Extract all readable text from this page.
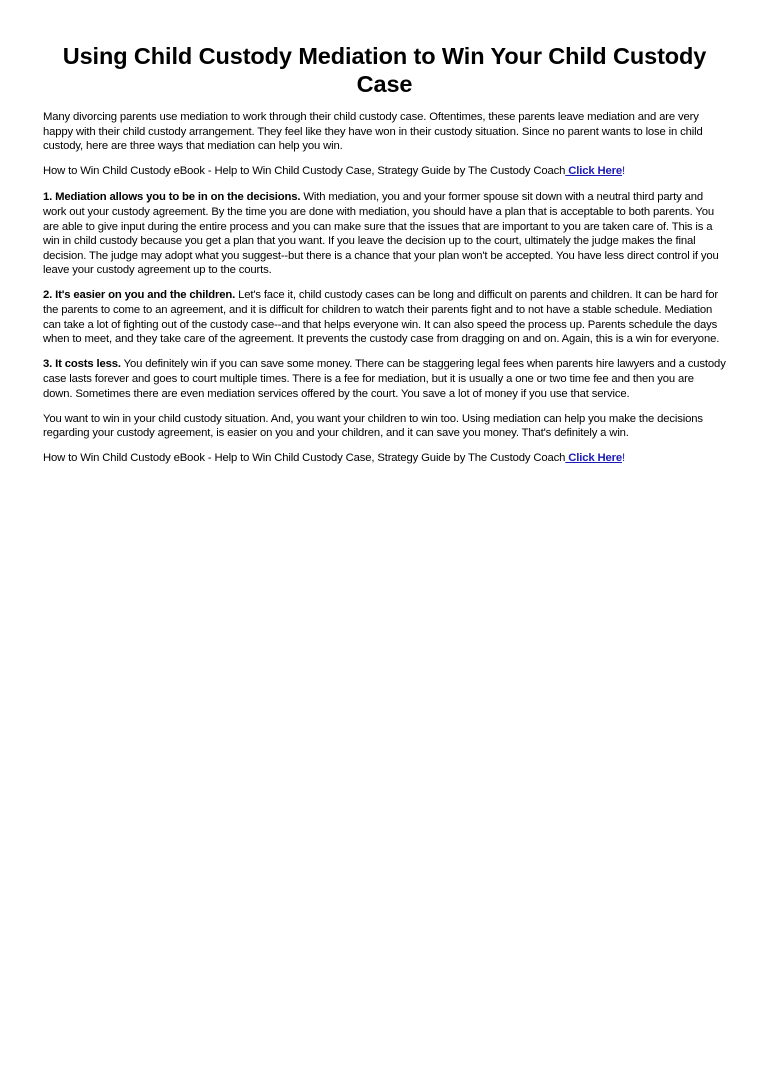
Using Child Custody Mediation to Win Your Child Custody Case

Many divorcing parents use mediation to work through their child custody case. Oftentimes, these parents leave mediation and are very happy with their child custody arrangement. They feel like they have won in their custody situation. Since no parent wants to lose in child custody, here are three ways that mediation can help you win.

How to Win Child Custody eBook - Help to Win Child Custody Case, Strategy Guide by The Custody Coach Click Here!

1. Mediation allows you to be in on the decisions. With mediation, you and your former spouse sit down with a neutral third party and work out your custody agreement. By the time you are done with mediation, you should have a plan that is acceptable to both parents. You are able to give input during the entire process and you can make sure that the issues that are important to you are taken care of. This is a win in child custody because you get a plan that you want. If you leave the decision up to the court, ultimately the judge makes the final decision. The judge may adopt what you suggest--but there is a chance that your plan won't be accepted. You have less direct control if you leave your custody agreement up to the courts.

2. It's easier on you and the children. Let's face it, child custody cases can be long and difficult on parents and children. It can be hard for the parents to come to an agreement, and it is difficult for children to watch their parents fight and to not have a stable schedule. Mediation can take a lot of fighting out of the custody case--and that helps everyone win. It can also speed the process up. Parents schedule the days when to meet, and they take care of the agreement. It prevents the custody case from dragging on and on. Again, this is a win for everyone.

3. It costs less. You definitely win if you can save some money. There can be staggering legal fees when parents hire lawyers and a custody case lasts forever and goes to court multiple times. There is a fee for mediation, but it is usually a one or two time fee and then you are down. Sometimes there are even mediation services offered by the court. You save a lot of money if you use that service.

You want to win in your child custody situation. And, you want your children to win too. Using mediation can help you make the decisions regarding your custody agreement, is easier on you and your children, and it can save you money. That's definitely a win.

How to Win Child Custody eBook - Help to Win Child Custody Case, Strategy Guide by The Custody Coach Click Here!
